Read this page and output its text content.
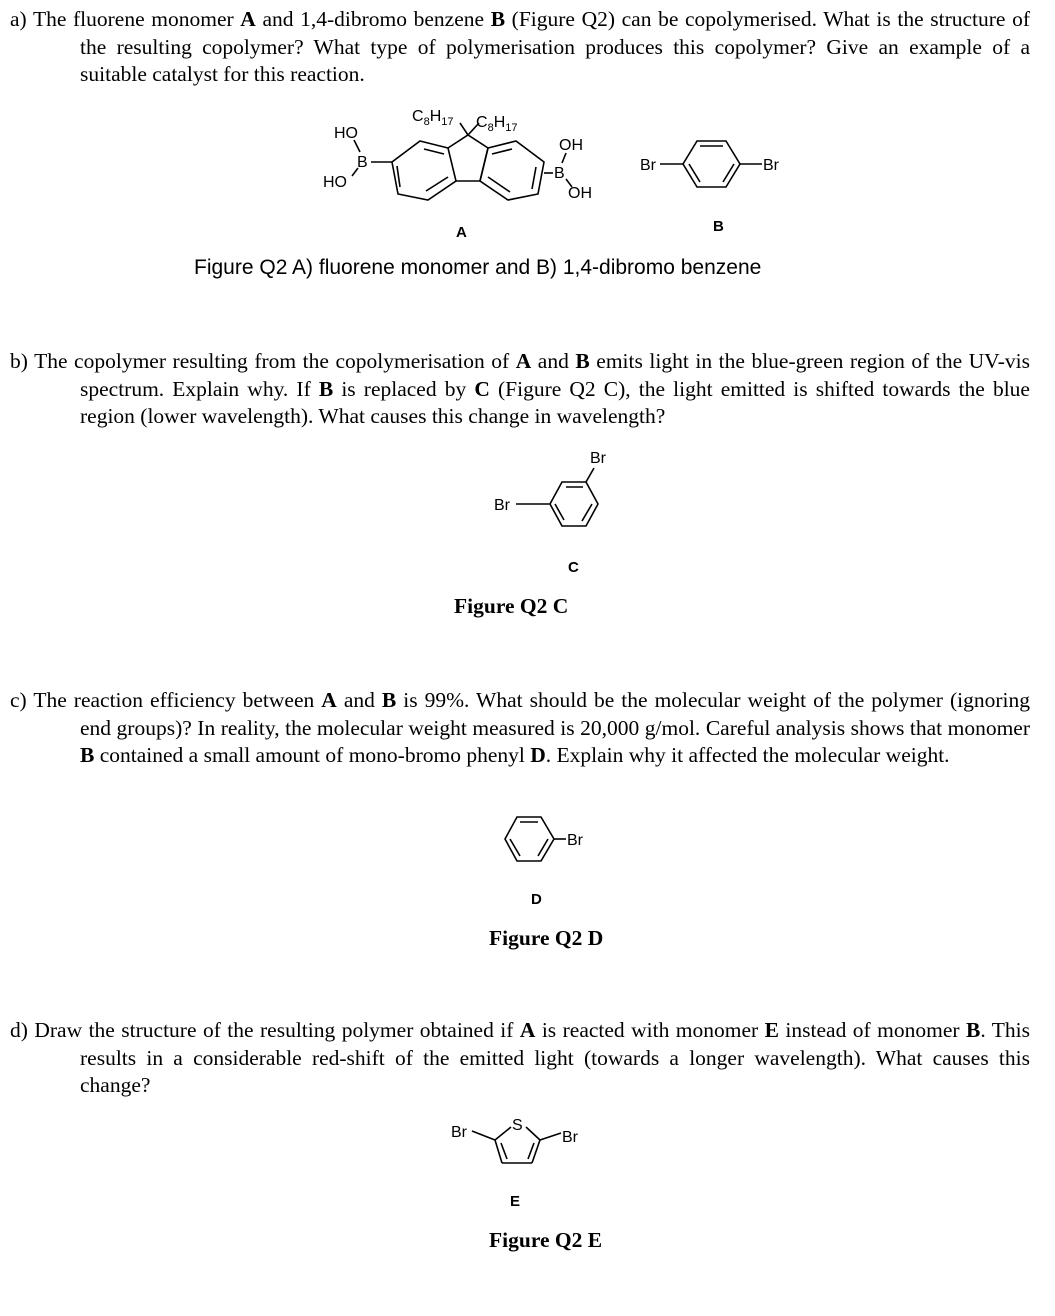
a) The fluorene monomer A and 1,4-dibromo benzene B (Figure Q2) can be copolymerised. What is the structure of the resulting copolymer? What type of polymerisation produces this copolymer? Give an example of a suitable catalyst for this reaction.

$C_8H_{17}$ $C_8H_{17}$
B
HO
HO
B
OH
OH
A
Br	Br
B
Figure Q2 A) fluorene monomer and B) 1,4-dibromo benzene

b) The copolymer resulting from the copolymerisation of A and B emits light in the blue-green region of the UV-vis spectrum. Explain why. If B is replaced by C (Figure Q2 C), the light emitted is shifted towards the blue region (lower wavelength). What causes this change in wavelength?

Br
Br
C
Figure Q2 C

c) The reaction efficiency between A and B is 99%. What should be the molecular weight of the polymer (ignoring end groups)? In reality, the molecular weight measured is 20,000 g/mol. Careful analysis shows that monomer B contained a small amount of mono-bromo phenyl D. Explain why it affected the molecular weight.

Br
D
Figure Q2 D

d) Draw the structure of the resulting polymer obtained if A is reacted with monomer E instead of monomer B. This results in a considerable red-shift of the emitted light (towards a longer wavelength). What causes this change?

Br	S
Br
E
Figure Q2 E
